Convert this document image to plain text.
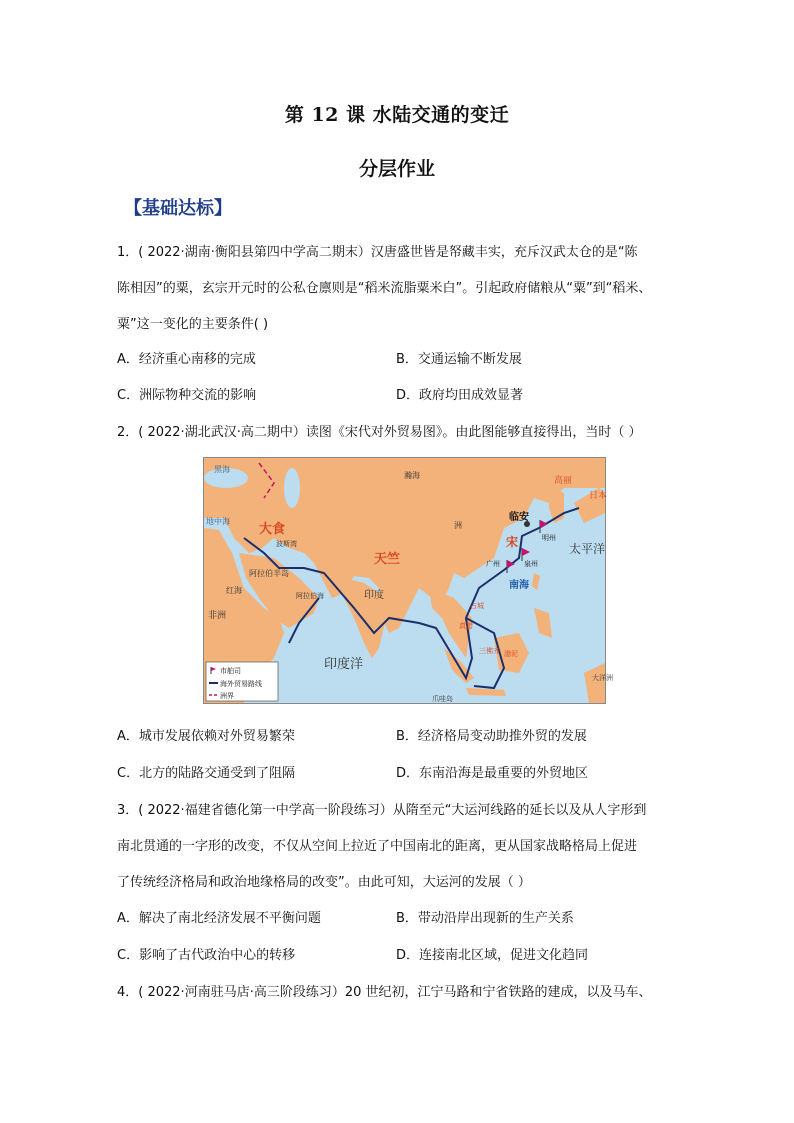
第 12 课 水陆交通的变迁
分层作业
【基础达标】
1．( 2022·湖南·衡阳县第四中学高二期末）汉唐盛世皆是帑藏丰实，充斥汉武太仓的是“陈
陈相因”的粟，玄宗开元时的公私仓廪则是“稻米流脂粟米白”。引起政府储粮从“粟”到“稻米、
粟”这一变化的主要条件( )
A．经济重心南移的完成	B．交通运输不断发展
C．洲际物种交流的影响	D．政府均田成效显著
2．( 2022·湖北武汉·高二期中）读图《宋代对外贸易图》。由此图能够直接得出，当时（ ）
黑海
地中海
大食
波斯湾
阿拉伯半岛
红海
非洲
阿拉伯海
天竺
印度
印度洋
洲
临安
宋	明州
泉州
广州
南海
太平洋
高丽
日本
三佛齐
占城
真腊
爪哇岛
渤泥
大洋洲
瀚海
市舶司
海外贸易路线
洲界
A．城市发展依赖对外贸易繁荣	B．经济格局变动助推外贸的发展
C．北方的陆路交通受到了阻隔	D．东南沿海是最重要的外贸地区
3．( 2022·福建省德化第一中学高一阶段练习）从隋至元“大运河线路的延长以及从人字形到
南北贯通的一字形的改变，不仅从空间上拉近了中国南北的距离，更从国家战略格局上促进
了传统经济格局和政治地缘格局的改变”。由此可知，大运河的发展（ ）
A．解决了南北经济发展不平衡问题	B．带动沿岸出现新的生产关系
C．影响了古代政治中心的转移	D．连接南北区域，促进文化趋同
4．( 2022·河南驻马店·高三阶段练习）20 世纪初，江宁马路和宁省铁路的建成，以及马车、
